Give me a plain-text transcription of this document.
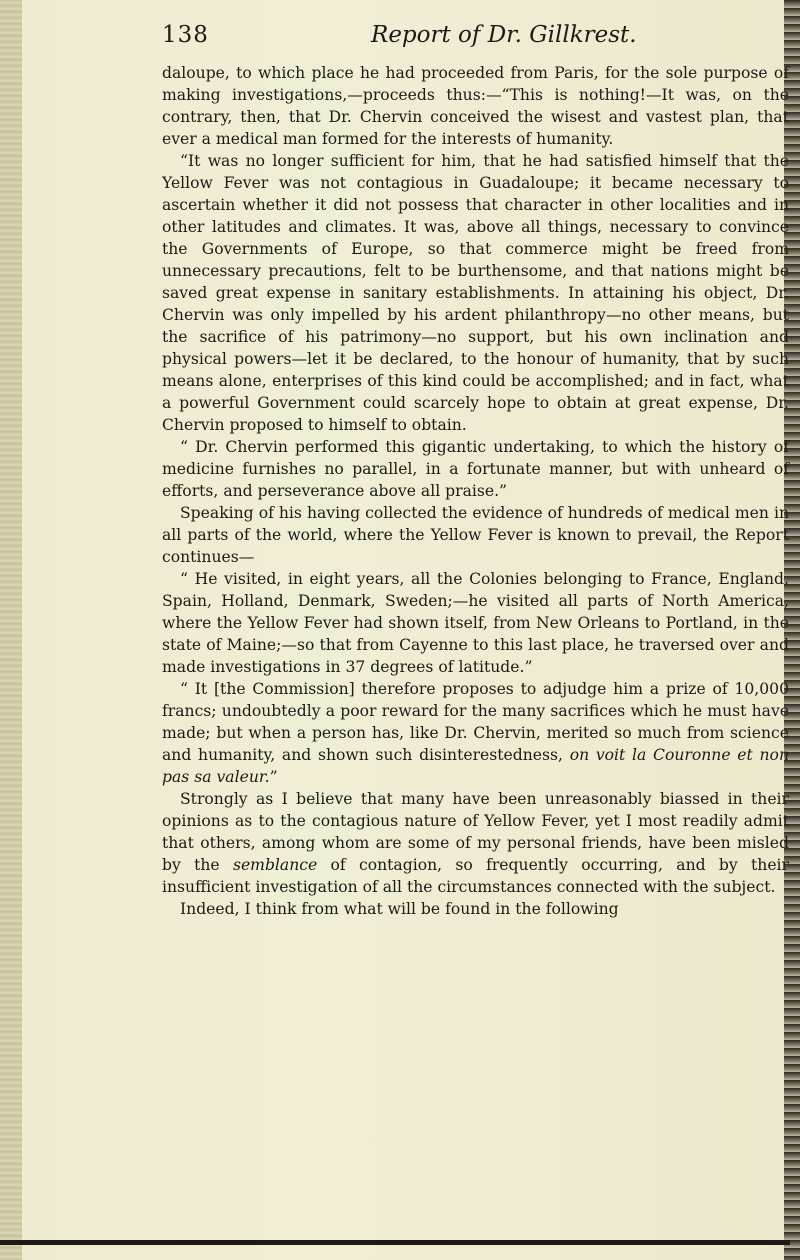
138	Report of Dr. Gillkrest.

daloupe, to which place he had proceeded from Paris, for the sole purpose of making investigations,—proceeds thus:—“This is nothing!—It was, on the contrary, then, that Dr. Chervin conceived the wisest and vastest plan, that ever a medical man formed for the interests of humanity.

“It was no longer sufficient for him, that he had satisfied himself that the Yellow Fever was not contagious in Guadaloupe; it became necessary to ascertain whether it did not possess that character in other localities and in other latitudes and climates. It was, above all things, necessary to convince the Governments of Europe, so that commerce might be freed from unnecessary precautions, felt to be burthensome, and that nations might be saved great expense in sanitary establishments. In attaining his object, Dr. Chervin was only impelled by his ardent philanthropy—no other means, but the sacrifice of his patrimony—no support, but his own inclination and physical powers—let it be declared, to the honour of humanity, that by such means alone, enterprises of this kind could be accomplished; and in fact, what a powerful Government could scarcely hope to obtain at great expense, Dr. Chervin proposed to himself to obtain.

“ Dr. Chervin performed this gigantic undertaking, to which the history of medicine furnishes no parallel, in a fortunate manner, but with unheard of efforts, and perseverance above all praise.”

Speaking of his having collected the evidence of hundreds of medical men in all parts of the world, where the Yellow Fever is known to prevail, the Report continues—

“ He visited, in eight years, all the Colonies belonging to France, England, Spain, Holland, Denmark, Sweden;—he visited all parts of North America, where the Yellow Fever had shown itself, from New Orleans to Portland, in the state of Maine;—so that from Cayenne to this last place, he traversed over and made investigations in 37 degrees of latitude.”

“ It [the Commission] therefore proposes to adjudge him a prize of 10,000 francs; undoubtedly a poor reward for the many sacrifices which he must have made; but when a person has, like Dr. Chervin, merited so much from science and humanity, and shown such disinterestedness, on voit la Couronne et non pas sa valeur.”

Strongly as I believe that many have been unreasonably biassed in their opinions as to the contagious nature of Yellow Fever, yet I most readily admit that others, among whom are some of my personal friends, have been misled by the semblance of contagion, so frequently occurring, and by their insufficient investigation of all the circumstances connected with the subject.

Indeed, I think from what will be found in the following
